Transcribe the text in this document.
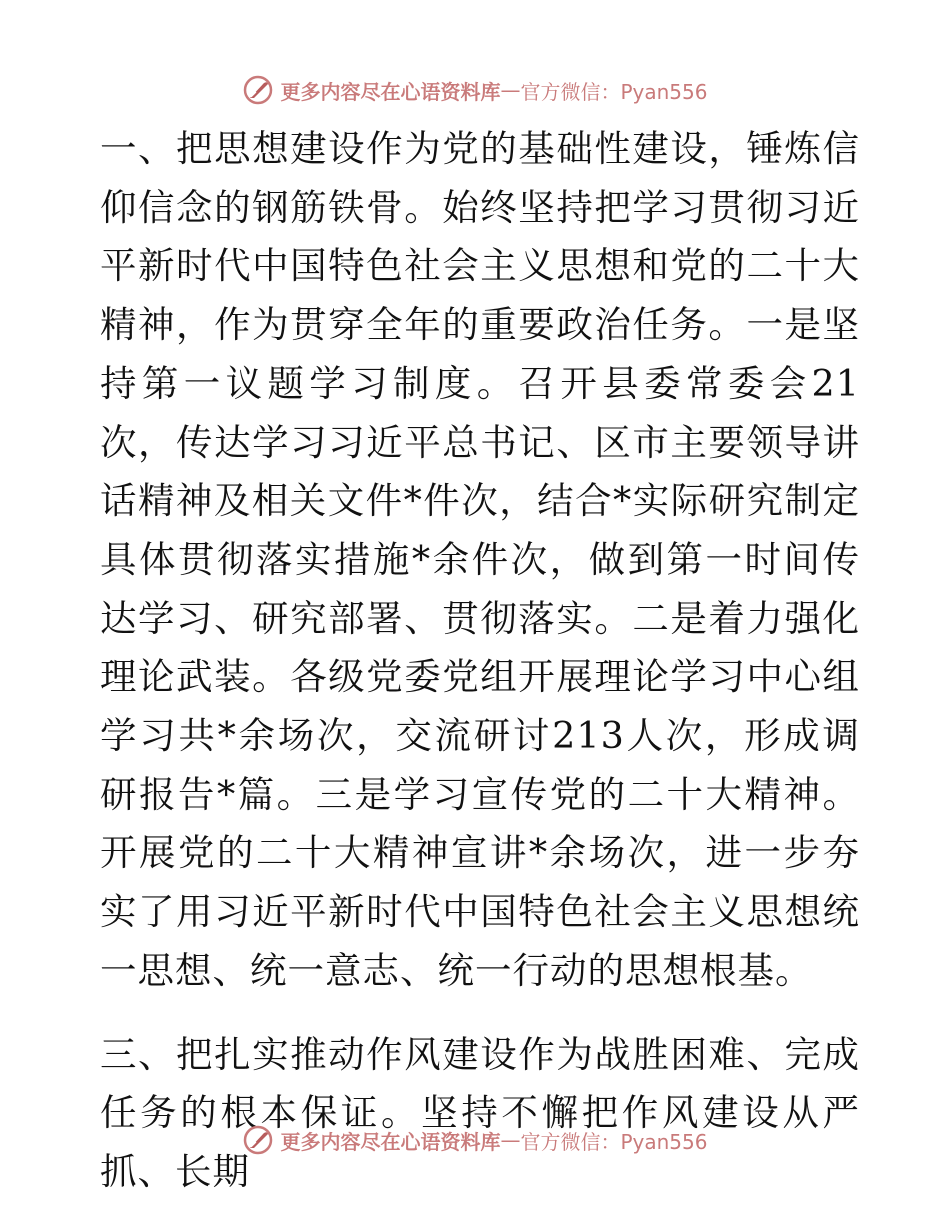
更多内容尽在心语资料库 — 官方微信：Pyan556

一、把思想建设作为党的基础性建设，锤炼信仰信念的钢筋铁骨。始终坚持把学习贯彻习近平新时代中国特色社会主义思想和党的二十大精神，作为贯穿全年的重要政治任务。一是坚持第一议题学习制度。召开县委常委会21次，传达学习习近平总书记、区市主要领导讲话精神及相关文件*件次，结合*实际研究制定具体贯彻落实措施*余件次，做到第一时间传达学习、研究部署、贯彻落实。二是着力强化理论武装。各级党委党组开展理论学习中心组学习共*余场次，交流研讨213人次，形成调研报告*篇。三是学习宣传党的二十大精神。开展党的二十大精神宣讲*余场次，进一步夯实了用习近平新时代中国特色社会主义思想统一思想、统一意志、统一行动的思想根基。

三、把扎实推动作风建设作为战胜困难、完成任务的根本保证。坚持不懈把作风建设从严抓、长期

更多内容尽在心语资料库 — 官方微信：Pyan556
